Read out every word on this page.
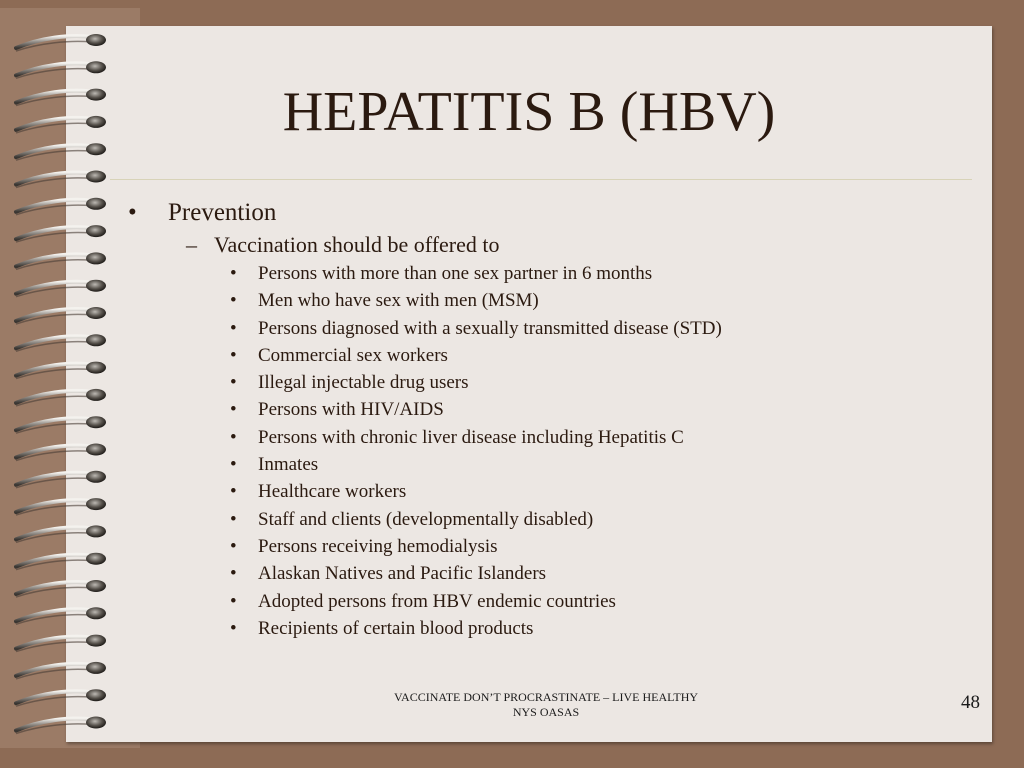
HEPATITIS B (HBV)
•	Prevention
– Vaccination should be offered to
• Persons with more than one sex partner in 6 months
• Men who have sex with men (MSM)
• Persons diagnosed with a sexually transmitted disease (STD)
• Commercial sex workers
• Illegal injectable drug users
• Persons with HIV/AIDS
• Persons with chronic liver disease including Hepatitis C
• Inmates
• Healthcare workers
• Staff and clients (developmentally disabled)
• Persons receiving hemodialysis
• Alaskan Natives and Pacific Islanders
• Adopted persons from HBV endemic countries
• Recipients of certain blood products
VACCINATE DON’T PROCRASTINATE – LIVE HEALTHY
NYS OASAS	48
